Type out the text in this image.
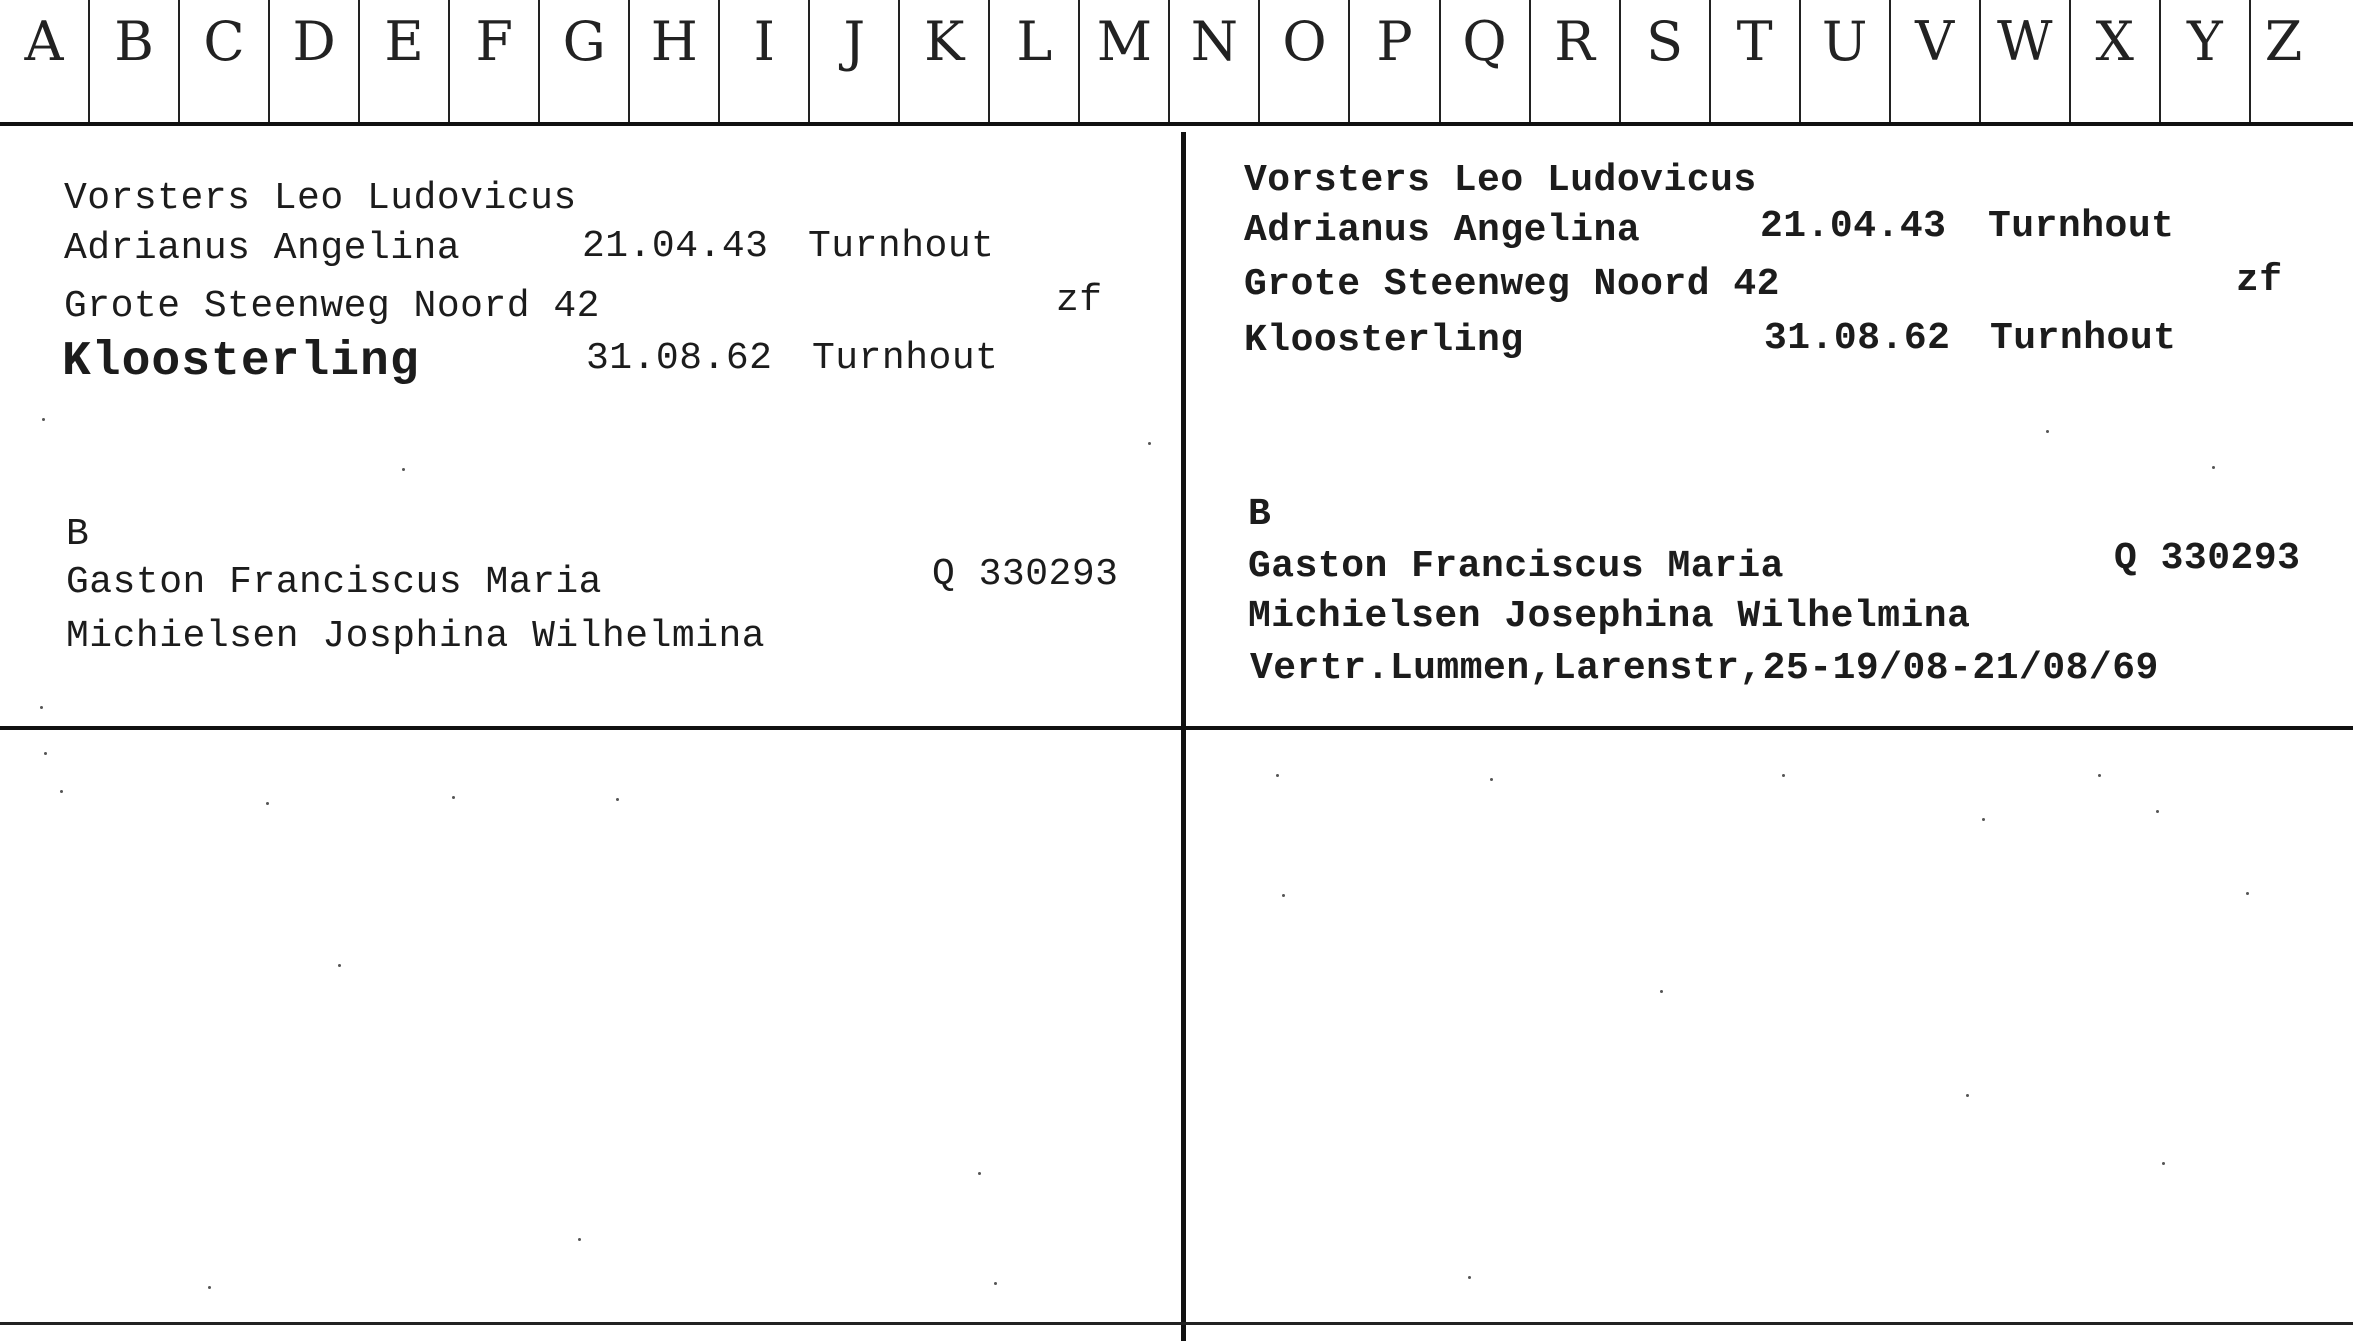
A B C D E F G H	I	J	K L M N O P Q R S T U V W X Y Z
Vorsters Leo Ludovicus
Adrianus Angelina	21.04.43 Turnhout
Grote Steenweg Noord 42	zf
Kloosterling	31.08.62 Turnhout
B
Gaston Franciscus Maria	Q 330293
Michielsen Josphina Wilhelmina
Vorsters Leo Ludovicus
Adrianus Angelina	21.04.43 Turnhout
Grote Steenweg Noord 42	zf
Kloosterling	31.08.62 Turnhout
B
Gaston Franciscus Maria	Q 330293
Michielsen Josephina Wilhelmina
Vertr.Lummen,Larenstr,25-19/08-21/08/69
